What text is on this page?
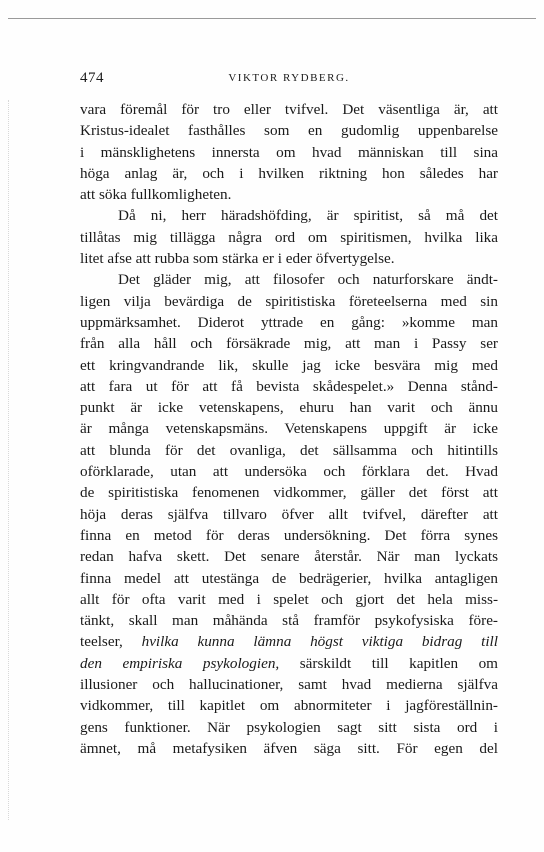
474	VIKTOR RYDBERG.
vara föremål för tro eller tvifvel. Det väsentliga är, att
Kristus-idealet fasthålles som en gudomlig uppenbarelse
i mänsklighetens innersta om hvad människan till sina
höga anlag är, och i hvilken riktning hon således har
att söka fullkomligheten.
Då ni, herr häradshöfding, är spiritist, så må det
tillåtas mig tillägga några ord om spiritismen, hvilka lika
litet afse att rubba som stärka er i eder öfvertygelse.
Det gläder mig, att filosofer och naturforskare ändt-
ligen vilja bevärdiga de spiritistiska företeelserna med sin
uppmärksamhet. Diderot yttrade en gång: »komme man
från alla håll och försäkrade mig, att man i Passy ser
ett kringvandrande lik, skulle jag icke besvära mig med
att fara ut för att få bevista skådespelet.» Denna stånd-
punkt är icke vetenskapens, ehuru han varit och ännu
är många vetenskapsmäns. Vetenskapens uppgift är icke
att blunda för det ovanliga, det sällsamma och hitintills
oförklarade, utan att undersöka och förklara det. Hvad
de spiritistiska fenomenen vidkommer, gäller det först att
höja deras själfva tillvaro öfver allt tvifvel, därefter att
finna en metod för deras undersökning. Det förra synes
redan hafva skett. Det senare återstår. När man lyckats
finna medel att utestänga de bedrägerier, hvilka antagligen
allt för ofta varit med i spelet och gjort det hela miss-
tänkt, skall man måhända stå framför psykofysiska före-
teelser, hvilka kunna lämna högst viktiga bidrag till
den empiriska psykologien, särskildt till kapitlen om
illusioner och hallucinationer, samt hvad medierna själfva
vidkommer, till kapitlet om abnormiteter i jagföreställnin-
gens funktioner. När psykologien sagt sitt sista ord i
ämnet, må metafysiken äfven säga sitt. För egen del
